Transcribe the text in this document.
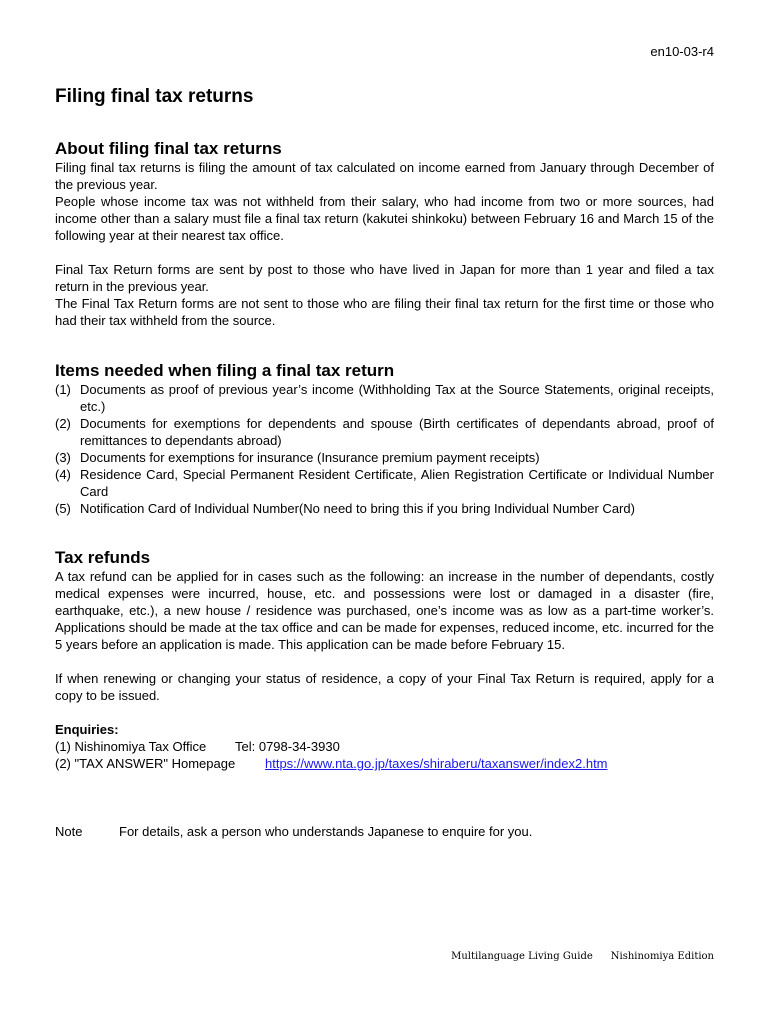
en10-03-r4
Filing final tax returns
About filing final tax returns

Filing final tax returns is filing the amount of tax calculated on income earned from January through December of the previous year.

People whose income tax was not withheld from their salary, who had income from two or more sources, had income other than a salary must file a final tax return (kakutei shinkoku) between February 16 and March 15 of the following year at their nearest tax office.

Final Tax Return forms are sent by post to those who have lived in Japan for more than 1 year and filed a tax return in the previous year.

The Final Tax Return forms are not sent to those who are filing their final tax return for the first time or those who had their tax withheld from the source.

Items needed when filing a final tax return
(1) Documents as proof of previous year’s income (Withholding Tax at the Source Statements, original receipts, etc.)
(2) Documents for exemptions for dependents and spouse (Birth certificates of dependants abroad, proof of remittances to dependants abroad)
(3) Documents for exemptions for insurance (Insurance premium payment receipts)
(4) Residence Card, Special Permanent Resident Certificate, Alien Registration Certificate or Individual Number Card
(5) Notification Card of Individual Number(No need to bring this if you bring Individual Number Card)
Tax refunds

A tax refund can be applied for in cases such as the following: an increase in the number of dependants, costly medical expenses were incurred, house, etc. and possessions were lost or damaged in a disaster (fire, earthquake, etc.), a new house / residence was purchased, one’s income was as low as a part-time worker’s. Applications should be made at the tax office and can be made for expenses, reduced income, etc. incurred for the 5 years before an application is made. This application can be made before February 15.

If when renewing or changing your status of residence, a copy of your Final Tax Return is required, apply for a copy to be issued.

Enquiries:
(1) Nishinomiya Tax Office	Tel: 0798-34-3930
(2) "TAX ANSWER" Homepage	https://www.nta.go.jp/taxes/shiraberu/taxanswer/index2.htm
Note	For details, ask a person who understands Japanese to enquire for you.
Multilanguage Living Guide Nishinomiya Edition
